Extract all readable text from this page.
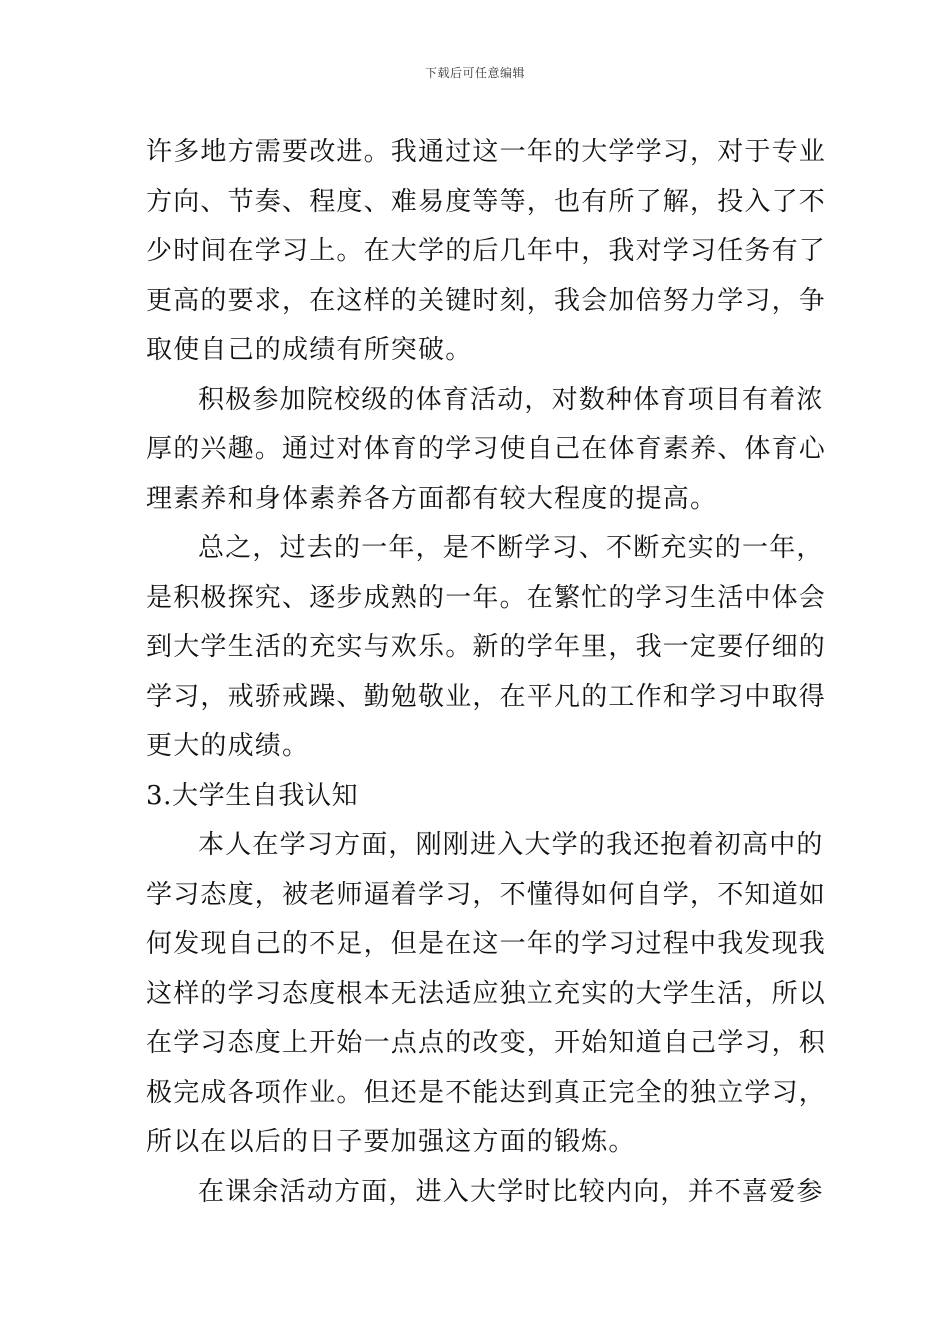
下载后可任意编辑
许多地方需要改进。我通过这一年的大学学习，对于专业
方向、节奏、程度、难易度等等，也有所了解，投入了不
少时间在学习上。在大学的后几年中，我对学习任务有了
更高的要求，在这样的关键时刻，我会加倍努力学习，争
取使自己的成绩有所突破。
积极参加院校级的体育活动，对数种体育项目有着浓
厚的兴趣。通过对体育的学习使自己在体育素养、体育心
理素养和身体素养各方面都有较大程度的提高。
总之，过去的一年，是不断学习、不断充实的一年，
是积极探究、逐步成熟的一年。在繁忙的学习生活中体会
到大学生活的充实与欢乐。新的学年里，我一定要仔细的
学习，戒骄戒躁、勤勉敬业，在平凡的工作和学习中取得
更大的成绩。
3.大学生自我认知
本人在学习方面，刚刚进入大学的我还抱着初高中的
学习态度，被老师逼着学习，不懂得如何自学，不知道如
何发现自己的不足，但是在这一年的学习过程中我发现我
这样的学习态度根本无法适应独立充实的大学生活，所以
在学习态度上开始一点点的改变，开始知道自己学习，积
极完成各项作业。但还是不能达到真正完全的独立学习，
所以在以后的日子要加强这方面的锻炼。
在课余活动方面，进入大学时比较内向，并不喜爱参
